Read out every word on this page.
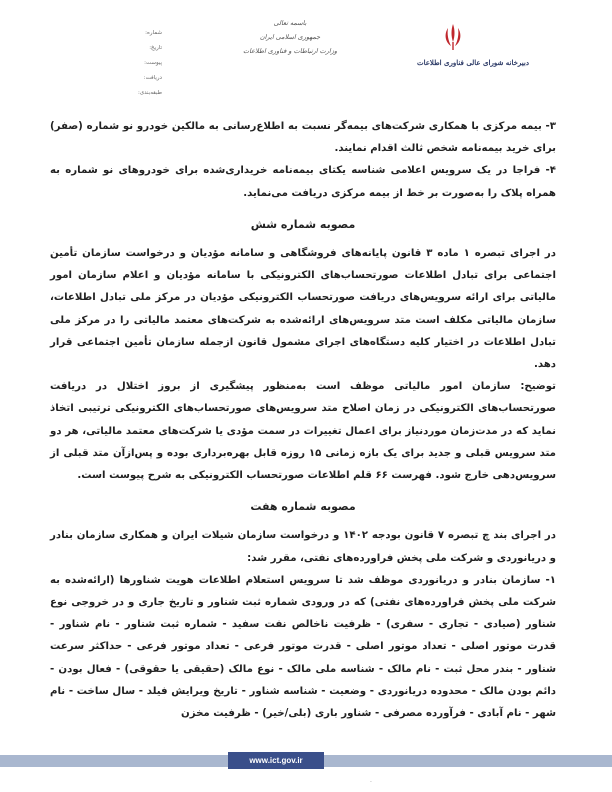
دبیرخانه شورای عالی فناوری اطلاعات
باسمه تعالی
جمهوری اسلامی ایران
وزارت ارتباطات و فناوری اطلاعات
شماره:
تاریخ:
پیوست:
دریافت:
طبقه‌بندی:

۳- بیمه مرکزی با همکاری شرکت‌های بیمه‌گر نسبت به اطلاع‌رسانی به مالکین خودرو نو شماره (صفر) برای خرید بیمه‌نامه شخص ثالث اقدام نمایند.

۴- فراجا در یک سرویس اعلامی شناسه یکتای بیمه‌نامه خریداری‌شده برای خودروهای نو شماره به همراه پلاک را به‌صورت بر خط از بیمه مرکزی دریافت می‌نماید.

مصوبه شماره شش

در اجرای تبصره ۱ ماده ۳ قانون پایانه‌های فروشگاهی و سامانه مؤدیان و درخواست سازمان تأمین اجتماعی برای تبادل اطلاعات صورتحساب‌های الکترونیکی با سامانه مؤدیان و اعلام سازمان امور مالیاتی برای ارائه سرویس‌های دریافت صورتحساب الکترونیکی مؤدیان در مرکز ملی تبادل اطلاعات، سازمان مالیاتی مکلف است متد سرویس‌های ارائه‌شده به شرکت‌های معتمد مالیاتی را در مرکز ملی تبادل اطلاعات در اختیار کلیه دستگاه‌های اجرای مشمول قانون ازجمله سازمان تأمین اجتماعی قرار دهد.

توضیح: سازمان امور مالیاتی موظف است به‌منظور پیشگیری از بروز اختلال در دریافت صورتحساب‌های الکترونیکی در زمان اصلاح متد سرویس‌های صورتحساب‌های الکترونیکی ترتیبی اتخاذ نماید که در مدت‌زمان موردنیاز برای اعمال تغییرات در سمت مؤدی یا شرکت‌های معتمد مالیاتی، هر دو متد سرویس قبلی و جدید برای یک بازه زمانی ۱۵ روزه قابل بهره‌برداری بوده و پس‌ازآن متد قبلی از سرویس‌دهی خارج شود. فهرست ۶۶ قلم اطلاعات صورتحساب الکترونیکی به شرح پیوست است.

مصوبه شماره هفت

در اجرای بند چ تبصره ۷ قانون بودجه ۱۴۰۲ و درخواست سازمان شیلات ایران و همکاری سازمان بنادر و دریانوردی و شرکت ملی پخش فراورده‌های نفتی، مقرر شد:

۱- سازمان بنادر و دریانوردی موظف شد تا سرویس استعلام اطلاعات هویت شناورها (ارائه‌شده به شرکت ملی پخش فراورده‌های نفتی) که در ورودی شماره ثبت شناور و تاریخ جاری و در خروجی نوع شناور (صیادی - تجاری - سفری) - ظرفیت ناخالص نفت سفید - شماره ثبت شناور - نام شناور - قدرت موتور اصلی - تعداد موتور اصلی - قدرت موتور فرعی - تعداد موتور فرعی - حداکثر سرعت شناور - بندر محل ثبت - نام مالک - شناسه ملی مالک - نوع مالک (حقیقی یا حقوقی) - فعال بودن - دائم بودن مالک - محدوده دریانوردی - وضعیت - شناسه شناور - تاریخ ویرایش فیلد - سال ساخت - نام شهر - نام آبادی - فرآورده مصرفی - شناور باری (بلی/خیر) - ظرفیت مخزن

www.ict.gov.ir
·
